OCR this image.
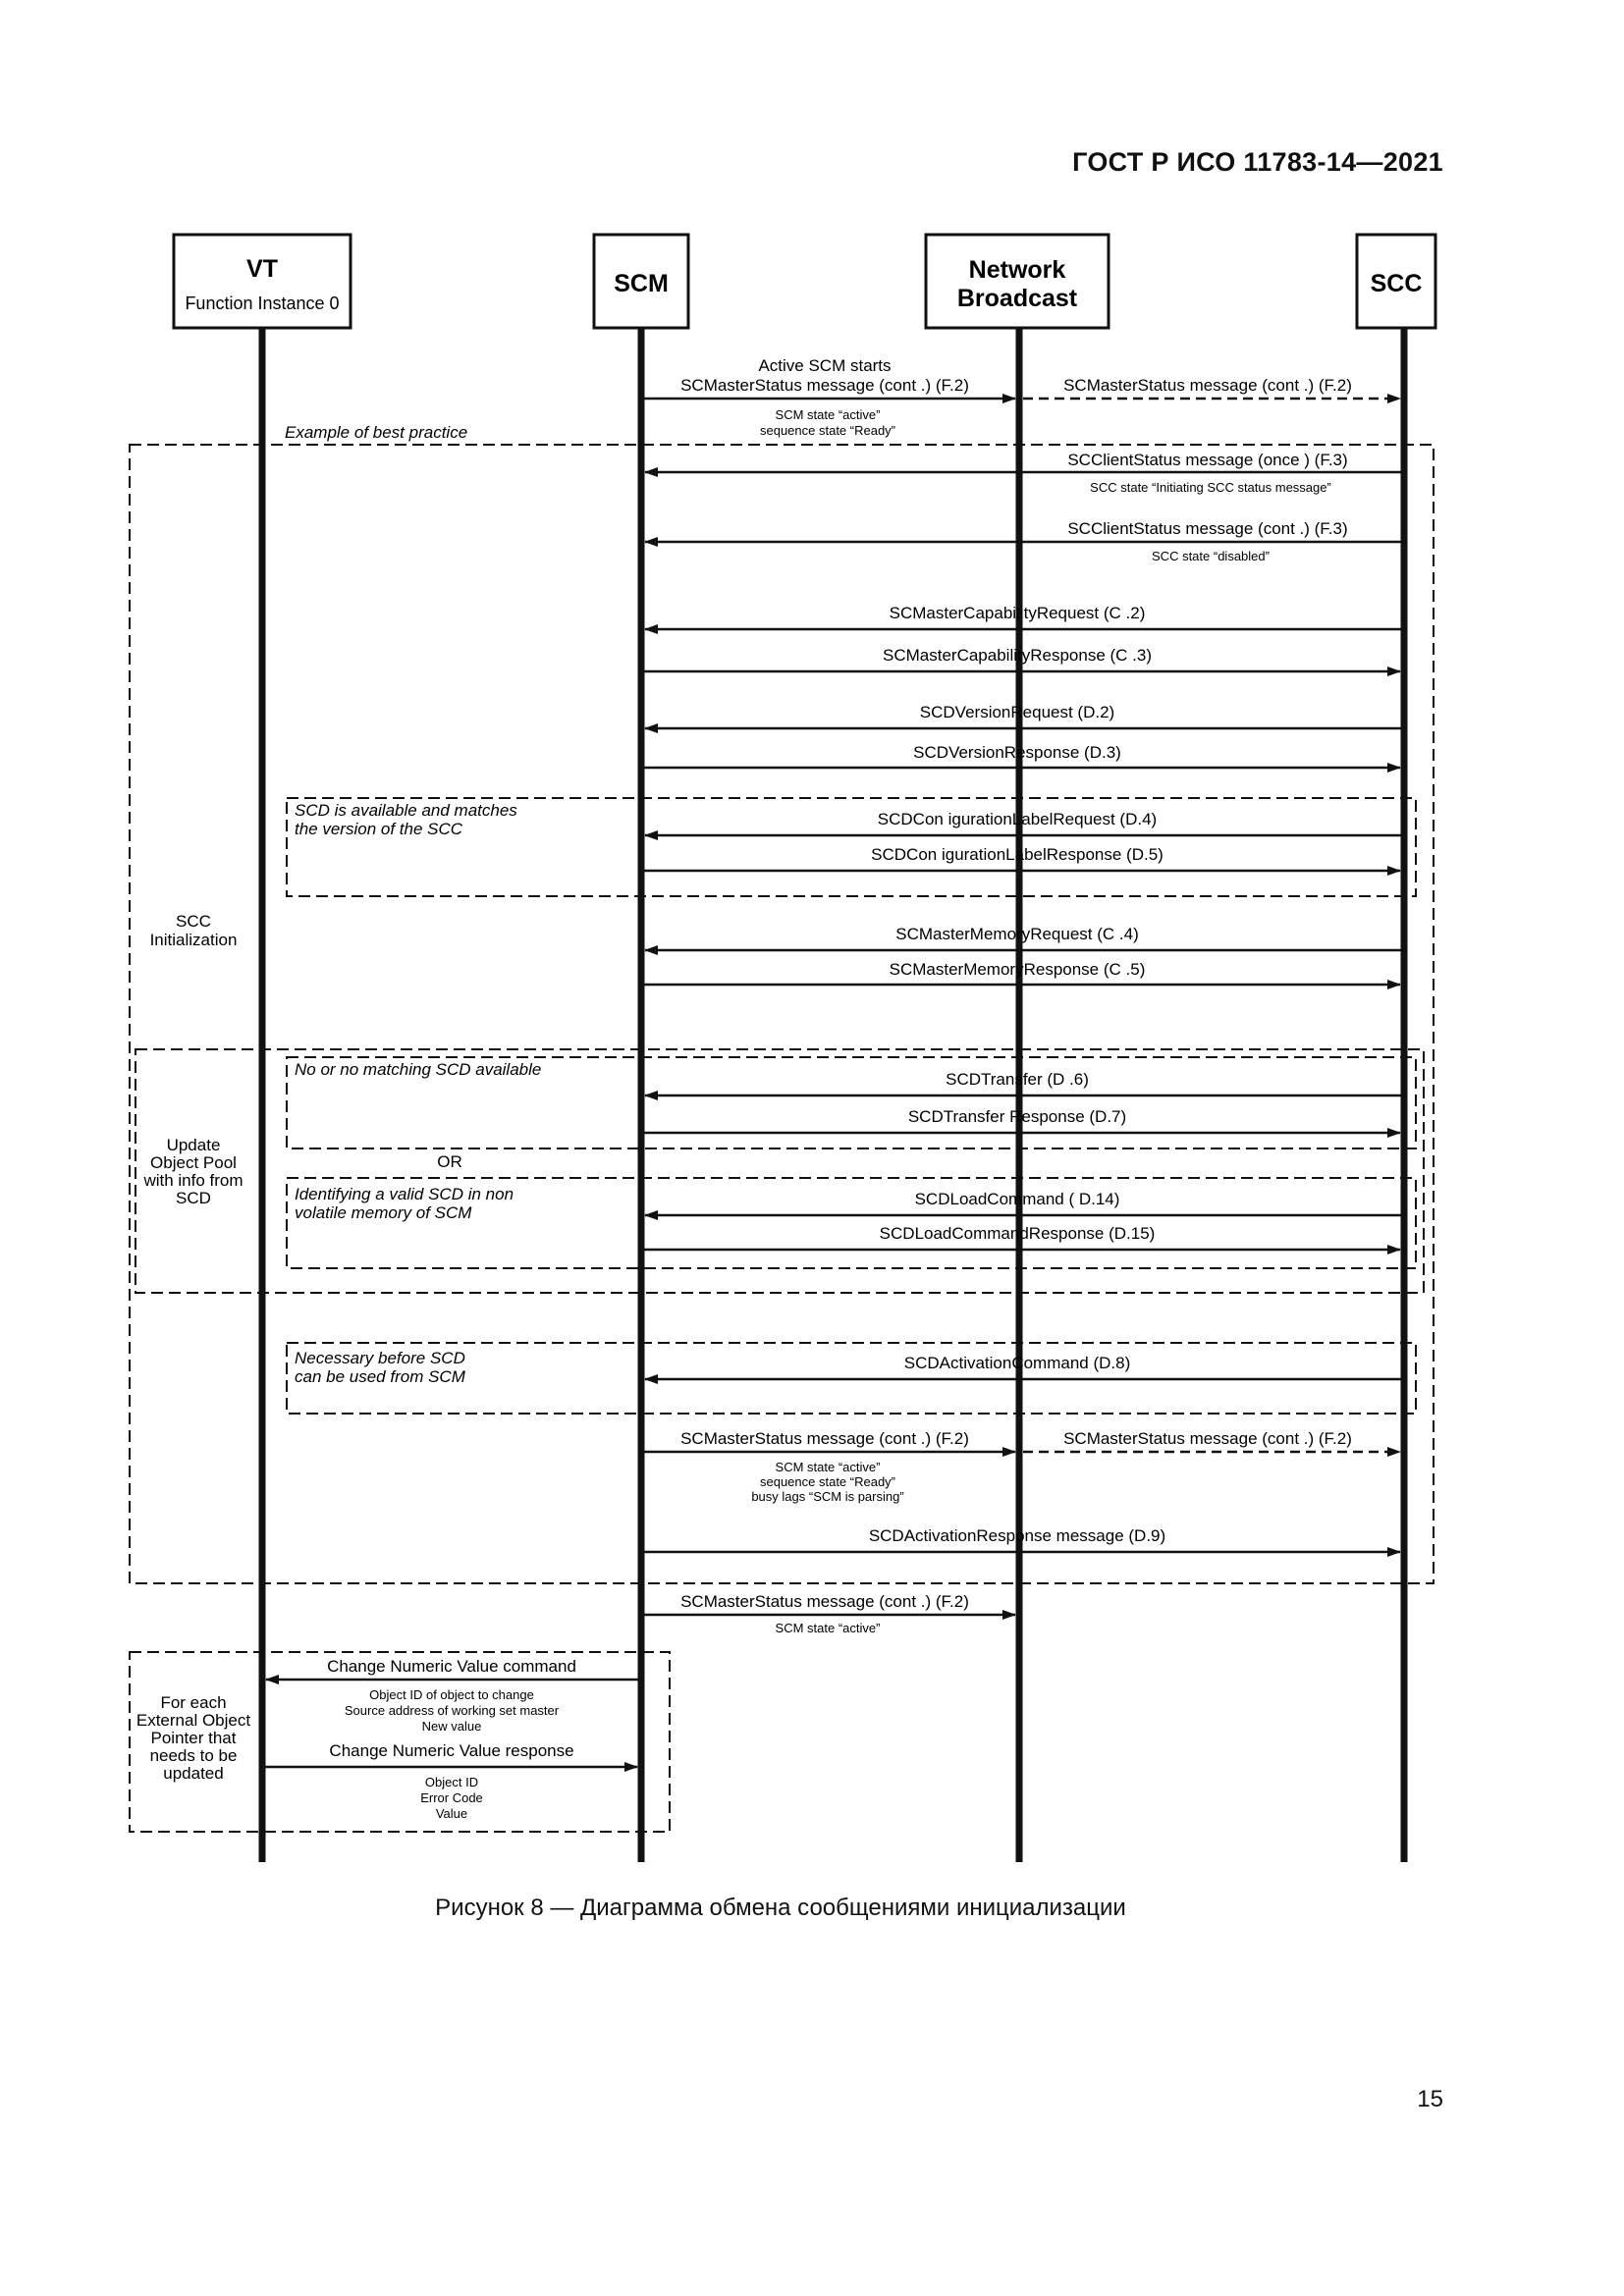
ГОСТ Р ИСО 11783-14—2021
VT
Function Instance 0
SCM	Network
Broadcast
SCC
Example of best practice
SCC
Initialization
SCD is available and matches
the version of the SCC
Update
Object Pool
with info from
SCD
No or no matching SCD available
OR
Identifying a valid SCD in non
volatile memory of SCM
Necessary before SCD
can be used from SCM
For each
External Object
Pointer that
needs to be
updated
Active SCM starts
SCMasterStatus message (cont .) (F.2)
SCM state “active”
sequence state “Ready”
SCMasterStatus message (cont .) (F.2)
SCClientStatus message (once ) (F.3)
SCC state “Initiating SCC status message”
SCClientStatus message (cont .) (F.3)
SCC state “disabled”
SCMasterCapabilityRequest (C .2)
SCMasterCapabilityResponse (C .3)
SCDVersionRequest (D.2)
SCDVersionResponse (D.3)
SCDCon igurationLabelRequest (D.4)
SCDCon igurationLabelResponse (D.5)
SCMasterMemoryRequest (C .4)
SCMasterMemoryResponse (C .5)
SCDTransfer (D .6)
SCDTransfer Response (D.7)
SCDLoadCommand ( D.14)
SCDLoadCommandResponse (D.15)
SCDActivationCommand (D.8)
SCMasterStatus message (cont .) (F.2)
SCM state “active”
sequence state “Ready”
busy lags “SCM is parsing”
SCMasterStatus message (cont .) (F.2)
SCDActivationResponse message (D.9)
SCMasterStatus message (cont .) (F.2)
SCM state “active”
Change Numeric Value command
Object ID of object to change
Source address of working set master
New value
Change Numeric Value response
Object ID
Error Code
Value
Рисунок 8 — Диаграмма обмена сообщениями инициализации
15
